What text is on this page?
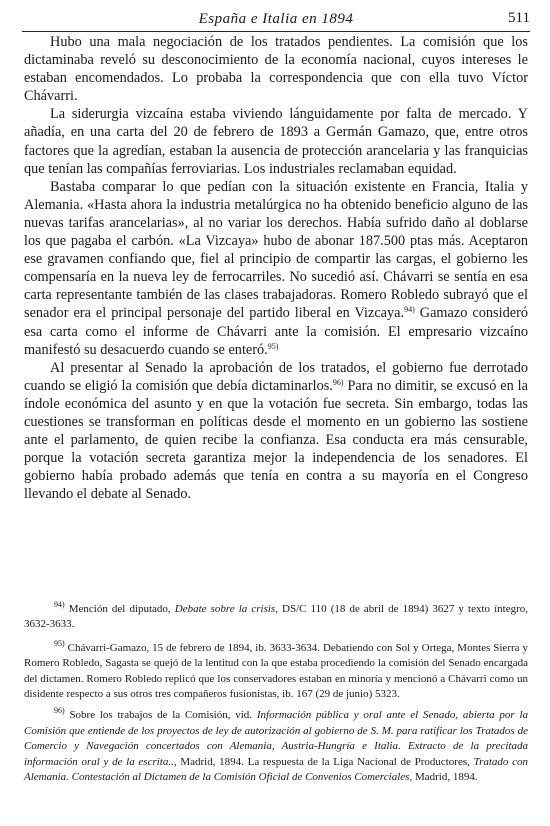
España e Italia en 1894	511

Hubo una mala negociación de los tratados pendientes. La comisión que los dictaminaba reveló su desconocimiento de la economía nacional, cuyos intereses le estaban encomendados. Lo probaba la correspondencia que con ella tuvo Víctor Chávarri.

La siderurgia vizcaína estaba viviendo lánguidamente por falta de mercado. Y añadía, en una carta del 20 de febrero de 1893 a Germán Gamazo, que, entre otros factores que la agredían, estaban la ausencia de protección arancelaria y las franquicias que tenían las compañías ferroviarias. Los industriales reclamaban equidad.

Bastaba comparar lo que pedían con la situación existente en Francia, Italia y Alemania. «Hasta ahora la industria metalúrgica no ha obtenido beneficio alguno de las nuevas tarifas arancelarias», al no variar los derechos. Había sufrido daño al doblarse los que pagaba el carbón. «La Vizcaya» hubo de abonar 187.500 ptas más. Aceptaron ese gravamen confiando que, fiel al principio de compartir las cargas, el gobierno les compensaría en la nueva ley de ferrocarriles. No sucedió así. Chávarri se sentía en esa carta representante también de las clases trabajadoras. Romero Robledo subrayó que el senador era el principal personaje del partido liberal en Vizcaya.$^{94)}$ Gamazo consideró esa carta como el informe de Chávarri ante la comisión. El empresario vizcaíno manifestó su desacuerdo cuando se enteró.$^{95)}$

Al presentar al Senado la aprobación de los tratados, el gobierno fue derrotado cuando se eligió la comisión que debía dictaminarlos.$^{96)}$ Para no dimitir, se excusó en la índole económica del asunto y en que la votación fue secreta. Sin embargo, todas las cuestiones se transforman en políticas desde el momento en un gobierno las sostiene ante el parlamento, de quien recibe la confianza. Esa conducta era más censurable, porque la votación secreta garantiza mejor la independencia de los senadores. El gobierno había probado además que tenía en contra a su mayoría en el Congreso llevando el debate al Senado.

$^{94)}$ Mención del diputado, Debate sobre la crisis, DS/C 110 (18 de abril de 1894) 3627 y texto íntegro, 3632-3633.

$^{95)}$ Chávarri-Gamazo, 15 de febrero de 1894, ib. 3633-3634. Debatiendo con Sol y Ortega, Montes Sierra y Romero Robledo, Sagasta se quejó de la lentitud con la que estaba procediendo la comisión del Senado encargada del dictamen. Romero Robledo replicó que los conservadores estaban en minoría y mencionó a Chávarri como un disidente respecto a sus otros tres compañeros fusionistas, ib. 167 (29 de junio) 5323.

$^{96)}$ Sobre los trabajos de la Comisión, vid. Información pública y oral ante el Senado, abierta por la Comisión que entiende de los proyectos de ley de autorización al gobierno de S. M. para ratificar los Tratados de Comercio y Navegación concertados con Alemania, Austria-Hungría e Italia. Extracto de la precitada información oral y de la escrita.., Madrid, 1894. La respuesta de la Liga Nacional de Productores, Tratado con Alemania. Contestación al Dictamen de la Comisión Oficial de Convenios Comerciales, Madrid, 1894.
